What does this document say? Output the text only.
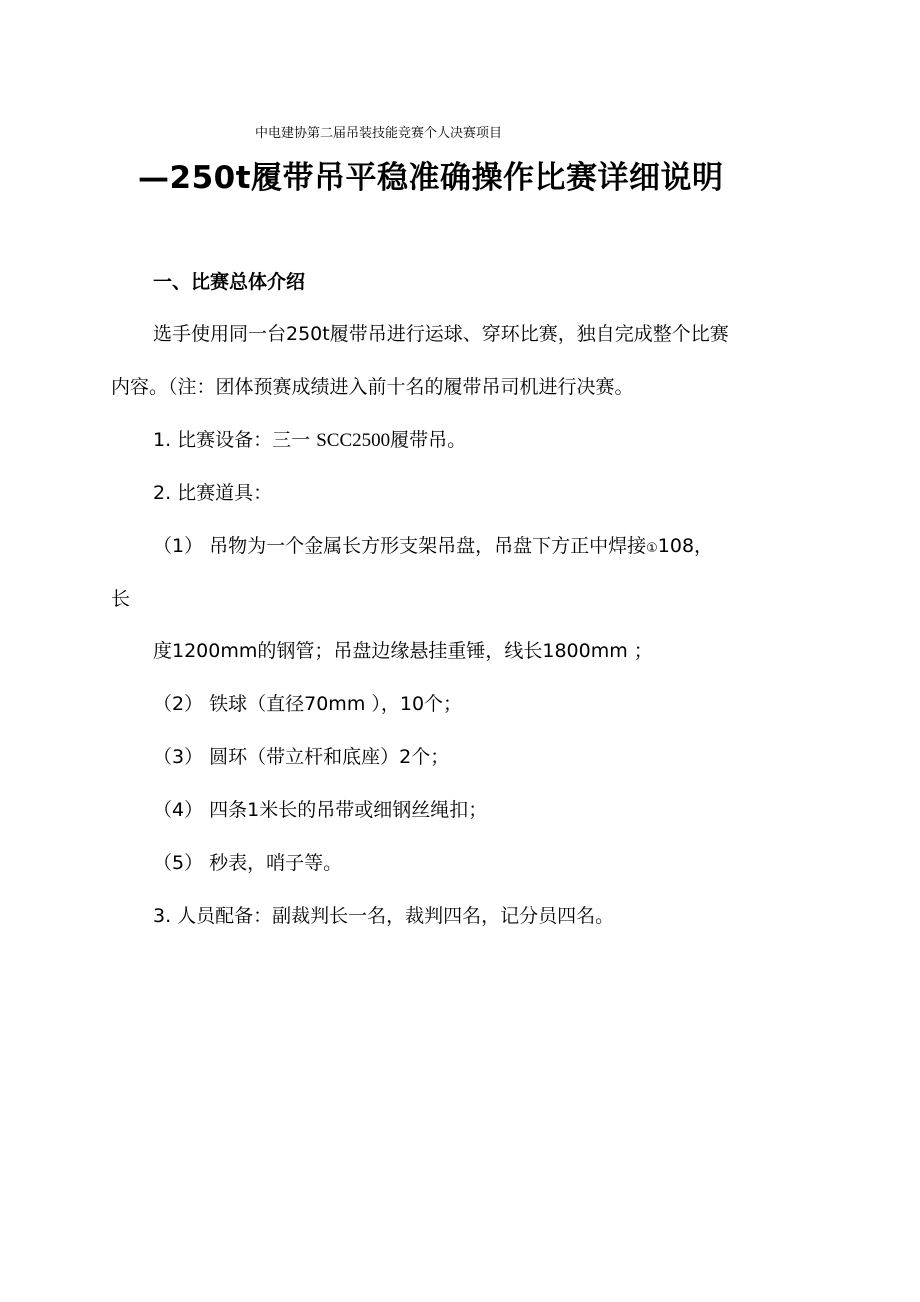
中电建协第二届吊装技能竞赛个人决赛项目
—250t履带吊平稳准确操作比赛详细说明
一、比赛总体介绍
选手使用同一台250t履带吊进行运球、穿环比赛，独自完成整个比赛
内容。（注：团体预赛成绩进入前十名的履带吊司机进行决赛。
1. 比赛设备：三一 SCC2500履带吊。
2. 比赛道具：
（1） 吊物为一个金属长方形支架吊盘，吊盘下方正中焊接①108，
长
度1200mm的钢管；吊盘边缘悬挂重锤，线长1800mm ；
（2） 铁球（直径70mm ），10个；
（3） 圆环（带立杆和底座）2个；
（4） 四条1米长的吊带或细钢丝绳扣；
（5） 秒表，哨子等。
3. 人员配备：副裁判长一名，裁判四名，记分员四名。
